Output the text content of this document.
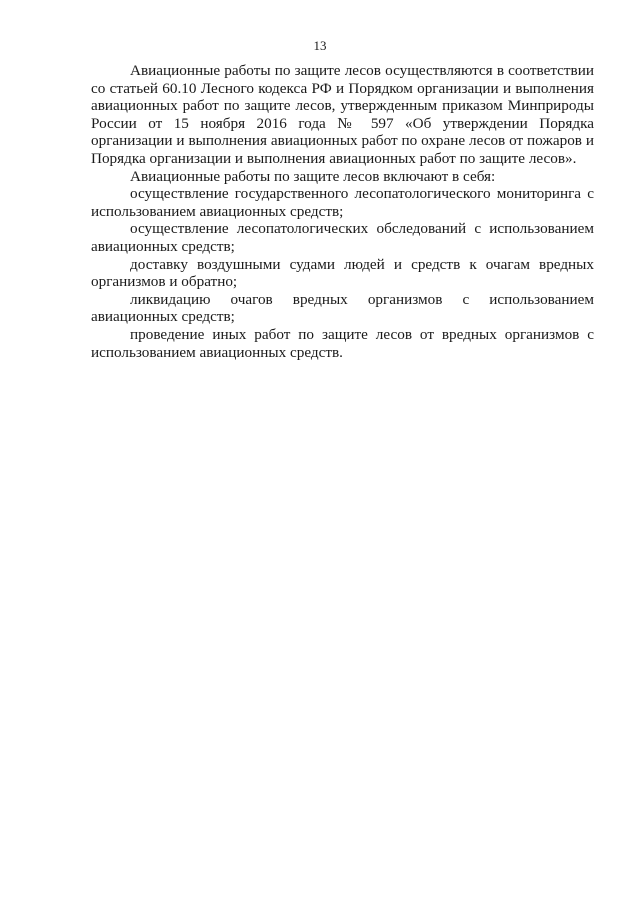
13

Авиационные работы по защите лесов осуществляются в соответствии со статьей 60.10 Лесного кодекса РФ и Порядком организации и выполнения авиационных работ по защите лесов, утвержденным приказом Минприроды России от 15 ноября 2016 года № 597 «Об утверждении Порядка организации и выполнения авиационных работ по охране лесов от пожаров и Порядка организации и выполнения авиационных работ по защите лесов».

Авиационные работы по защите лесов включают в себя:

осуществление государственного лесопатологического мониторинга с использованием авиационных средств;

осуществление лесопатологических обследований с использованием авиационных средств;

доставку воздушными судами людей и средств к очагам вредных организмов и обратно;

ликвидацию очагов вредных организмов с использованием авиационных средств;

проведение иных работ по защите лесов от вредных организмов с использованием авиационных средств.
